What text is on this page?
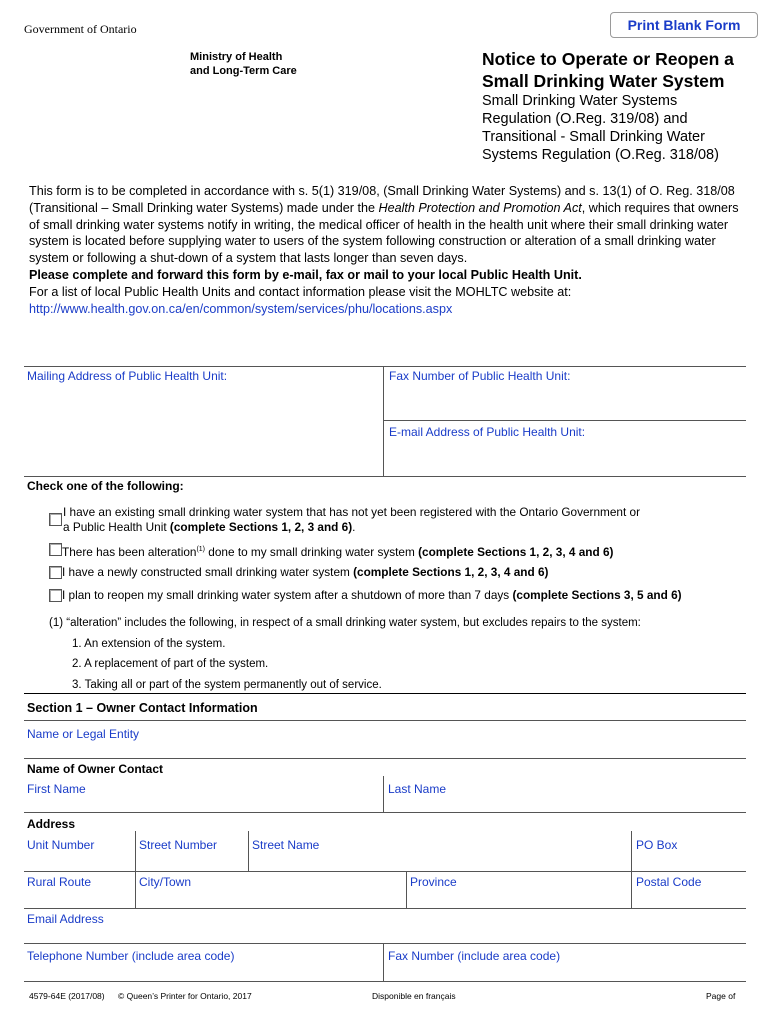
Government of Ontario	Print Blank Form
Ministry of Health
and Long-Term Care
Notice to Operate or Reopen a
Small Drinking Water System
Small Drinking Water Systems
Regulation (O.Reg. 319/08) and
Transitional - Small Drinking Water
Systems Regulation (O.Reg. 318/08)
This form is to be completed in accordance with s. 5(1) 319/08, (Small Drinking Water Systems) and s. 13(1) of O. Reg. 318/08 (Transitional – Small Drinking water Systems) made under the Health Protection and Promotion Act, which requires that owners of small drinking water systems notify in writing, the medical officer of health in the health unit where their small drinking water system is located before supplying water to users of the system following construction or alteration of a small drinking water system or following a shut-down of a system that lasts longer than seven days.
Please complete and forward this form by e-mail, fax or mail to your local Public Health Unit.
For a list of local Public Health Units and contact information please visit the MOHLTC website at:
http://www.health.gov.on.ca/en/common/system/services/phu/locations.aspx
Mailing Address of Public Health Unit:	Fax Number of Public Health Unit:
E-mail Address of Public Health Unit:
Check one of the following:
I have an existing small drinking water system that has not yet been registered with the Ontario Government or
a Public Health Unit (complete Sections 1, 2, 3 and 6).
There has been alteration$^{(1)}$ done to my small drinking water system (complete Sections 1, 2, 3, 4 and 6)
I have a newly constructed small drinking water system (complete Sections 1, 2, 3, 4 and 6)
I plan to reopen my small drinking water system after a shutdown of more than 7 days (complete Sections 3, 5 and 6)
(1) “alteration” includes the following, in respect of a small drinking water system, but excludes repairs to the system:
1. An extension of the system.
2. A replacement of part of the system.
3. Taking all or part of the system permanently out of service.
Section 1 – Owner Contact Information
Name or Legal Entity
Name of Owner Contact
First Name	Last Name
Address
Unit Number	Street Number	Street Name	PO Box
Rural Route	City/Town	Province	Postal Code
Email Address
Telephone Number (include area code)	Fax Number (include area code)
4579-64E (2017/08) © Queen’s Printer for Ontario, 2017	Disponible en français	Page of
